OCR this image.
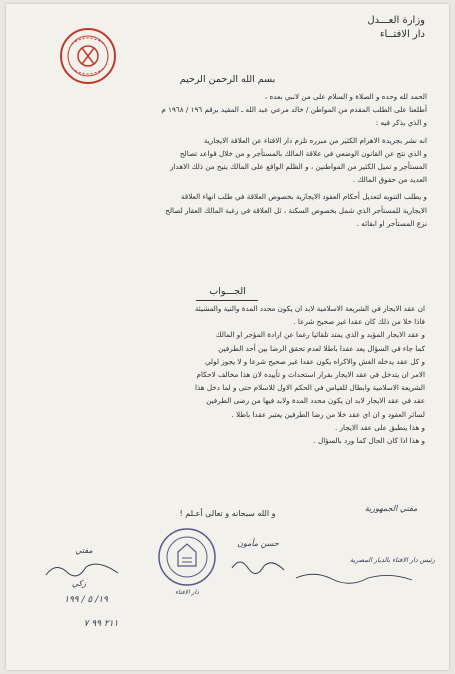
وزارة العـــدل
دار الافتــاء
بسم الله الرحمن الرحيم

الحمد لله وحده و الصلاة و السلام على من لانبي بعده ،

أطلعنا على الطلب المقدم من المواطن / خالد مرعي عبد الله ـ المقيد برقم ١٩٦ / ١٩٦٨ م

و الذي يذكر فيه :

انه نشر بجريدة الاهرام الكثير من مبرره تلزم دار الافتاء عن العلاقة الايجارية

و الذي نتج عن القانون الوضعي في علاقة المالك بالمستأجر و من خلال قواعد تصالح

المستأجر و تميل الكثير من المواطنين ، و الظلم الواقع على المالك يتيح من ذلك الاهدار

العديد من حقوق المالك .

و يطلب التنويه لتعديل أحكام العقود الايجارية بخصوص العلاقة في طلب انهاء العلاقة

الايجارية للمستأجر الذي شمل بخصوص السكنة ، ثل العلاقة في رغبة المالك العقار لصالح

نزع المستأجر او ابقائه .

الجـــواب

ان عقد الايجار في الشريعة الاسلامية لابد ان يكون محدد المدة والنية والمشيئة

فاذا خلا من ذلك كان عقدا غير صحيح شرعا .

و عقد الايجار المؤبد و الذي يمتد تلقائيا رغما عن ارادة المؤجر او المالك

كما جاء في السؤال يعد عقدا باطلا لعدم تحقق الرضا بين أحد الطرفين

و كل عقد يدخله الغش والاكراه يكون عقدا غير صحيح شرعا و لا يجوز لولي

الامر ان يتدخل في عقد الايجار بقرار استحداث و تأييده لان هذا مخالف لاحكام

الشريعة الاسلامية وابطال للقياس في الحكم الاول للاسلام حتى و لما دخل هذا

عقد في عقد الايجار لابد ان يكون محدد المدة ولابد فيها من رضى الطرفين

لسائر العقود و ان اي عقد خلا من رضا الطرفين يعتبر عقدا باطلا .

و هذا ينطبق على عقد الايجار .

و هذا اذا كان الحال كما ورد بالسؤال .

و الله سبحانه و تعالى أعـلم !
مفتي الجمهورية
دار الافتاء
حسن مأمون
رئيس دار الافتاء بالديار المصرية
مفتي
زكي
١٩/ ٥ / ١٩٩
٢١١ ٩٩ ٧
